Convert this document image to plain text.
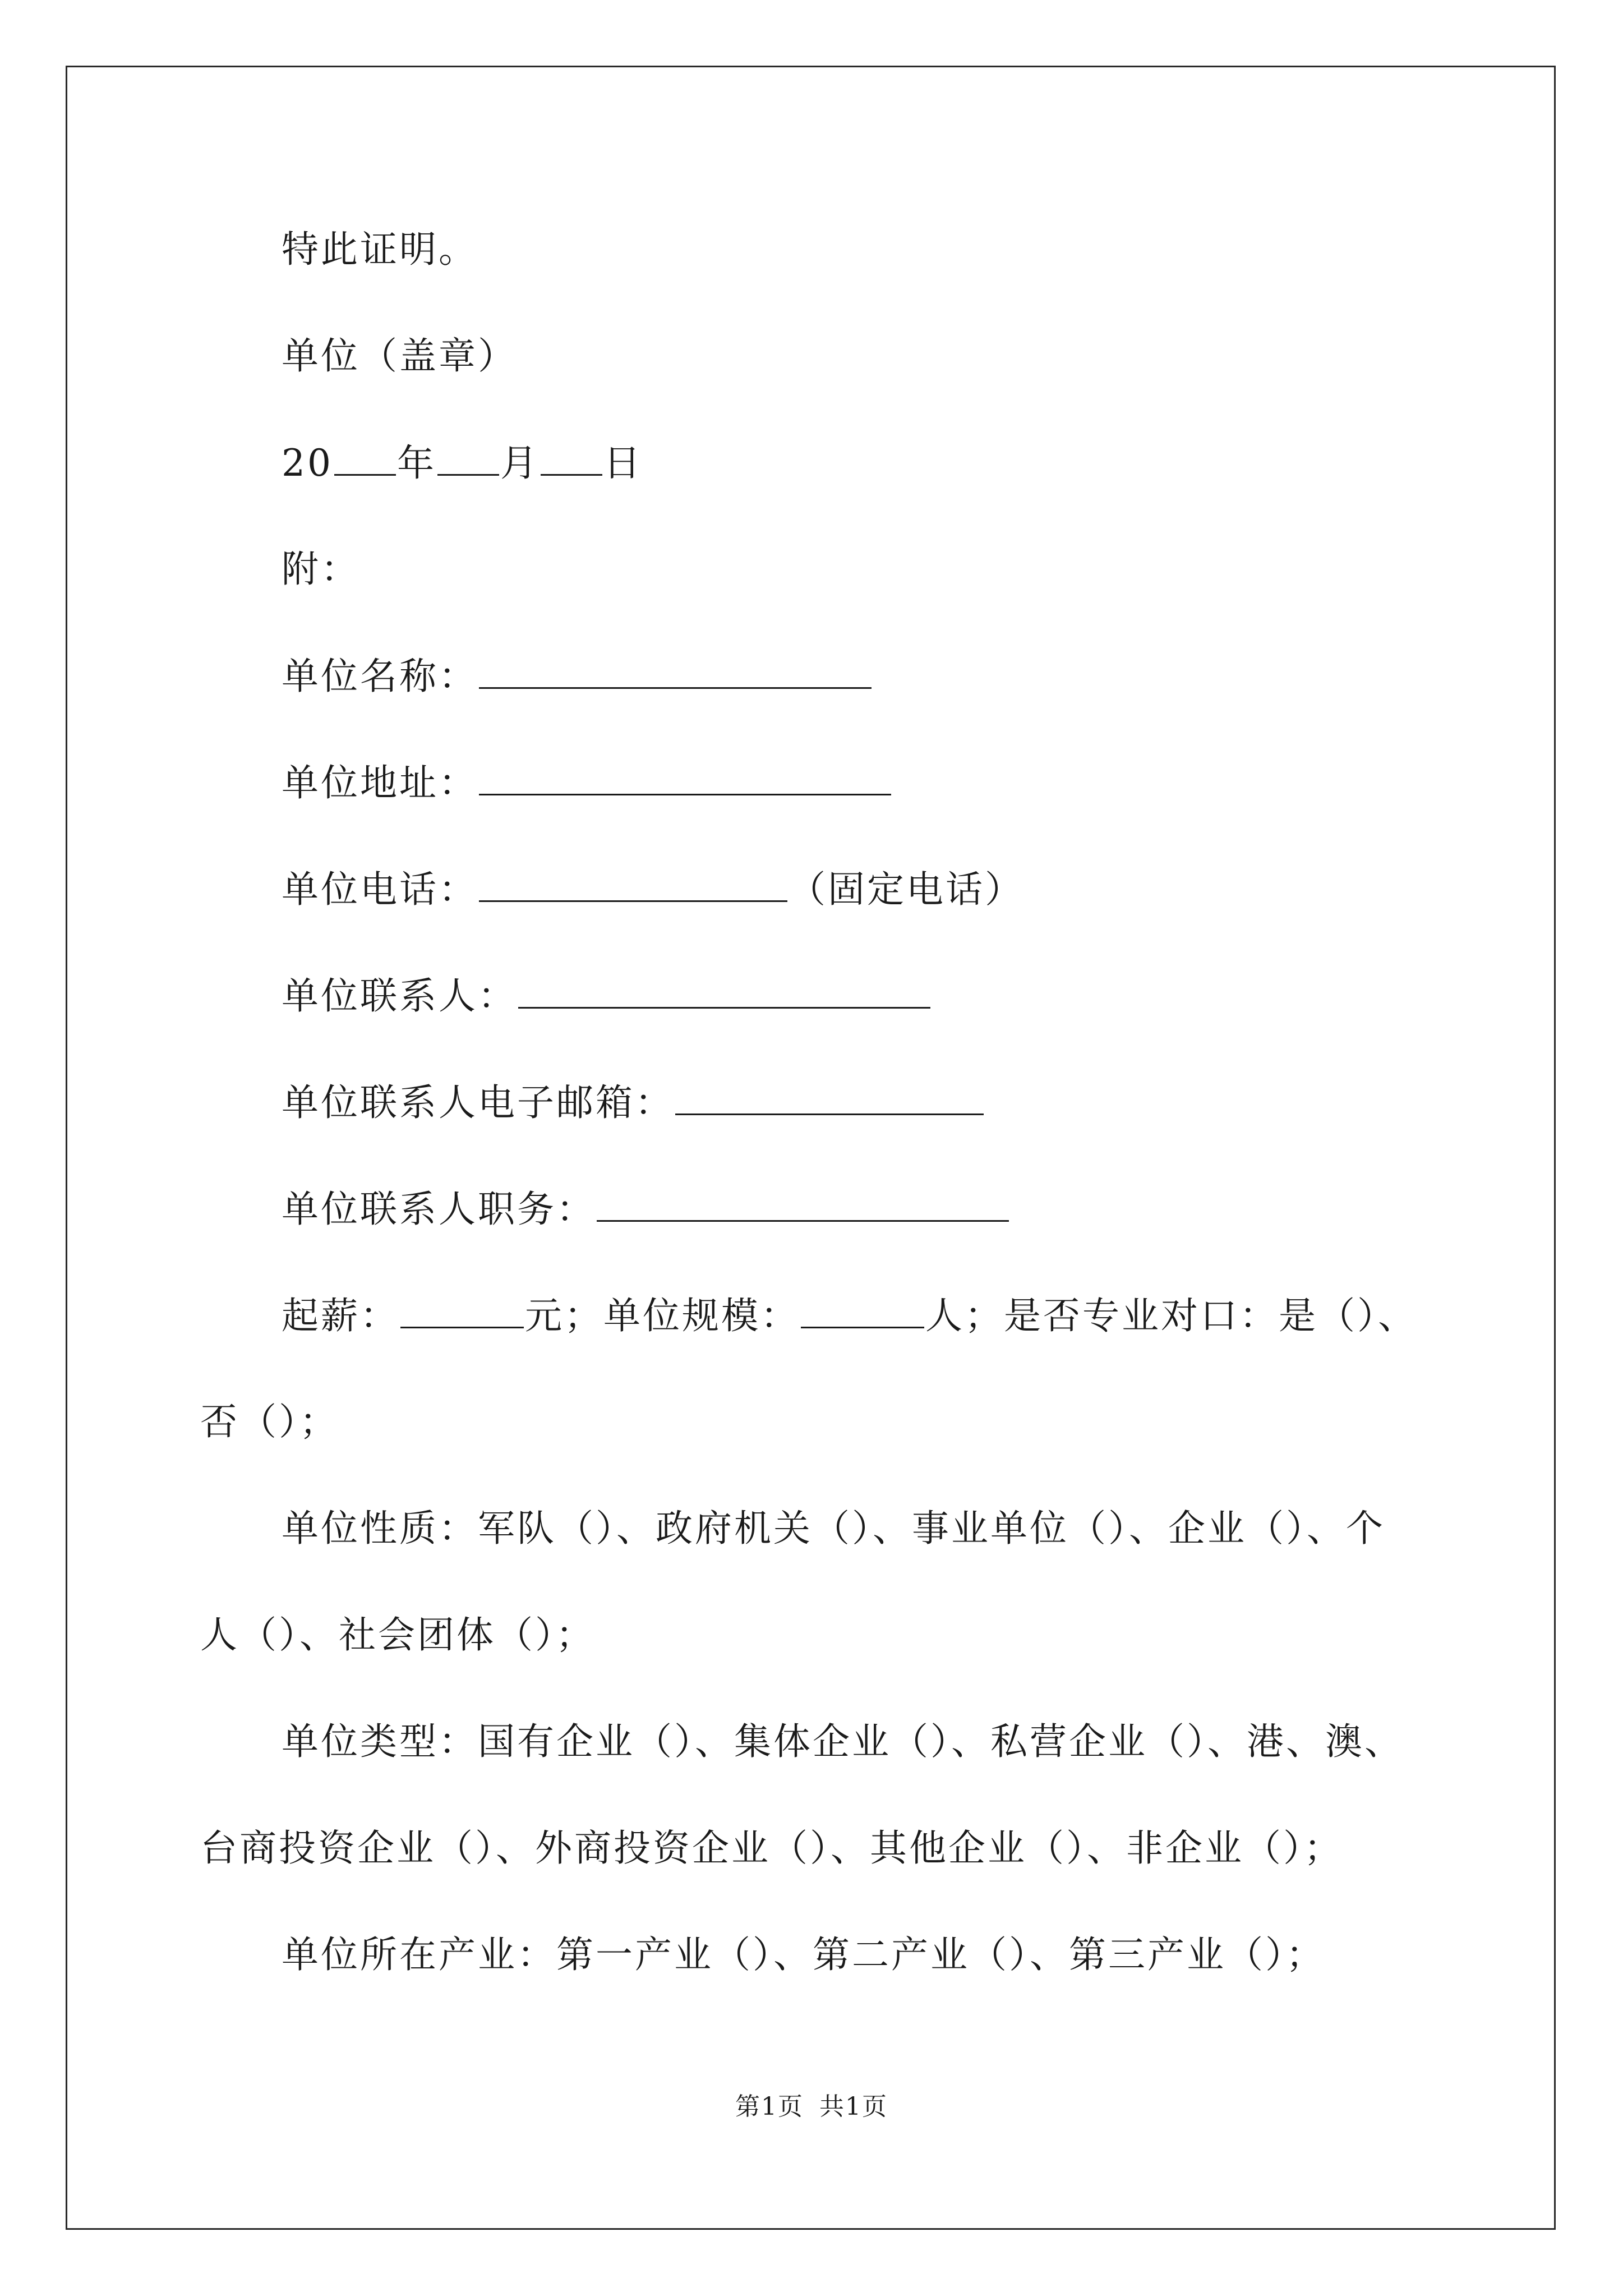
特此证明。
单位（盖章）
20 年 月 日
附：
单位名称：
单位地址：
单位电话：	（固定电话）
单位联系人：
单位联系人电子邮箱：
单位联系人职务：
起薪：	元；单位规模：	人；是否专业对口：是（）、
否（）；
单位性质：军队（）、政府机关（）、事业单位（）、企业（）、个
人（）、社会团体（）；
单位类型：国有企业（）、集体企业（）、私营企业（）、港、澳、
台商投资企业（）、外商投资企业（）、其他企业（）、非企业（）；
单位所在产业：第一产业（）、第二产业（）、第三产业（）；
第1页 共1页
